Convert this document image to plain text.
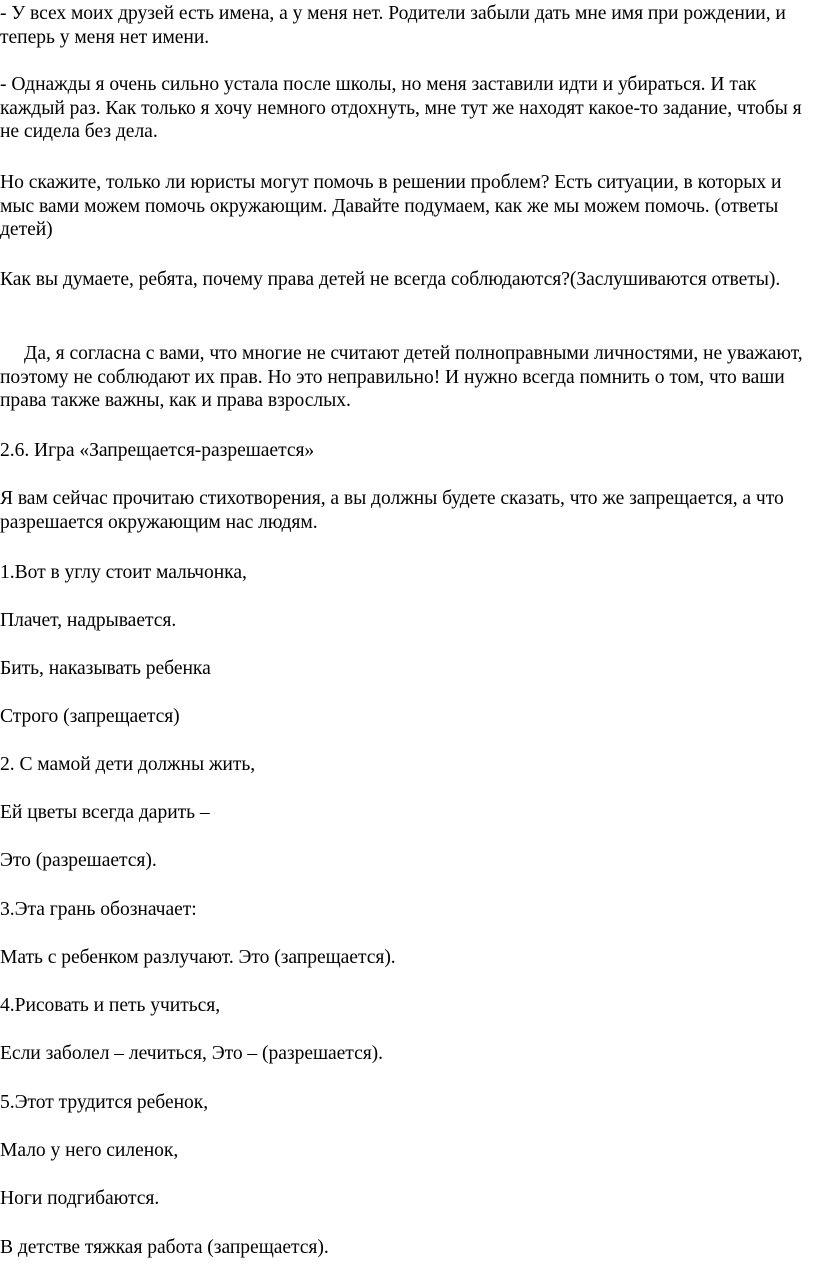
- У всех моих друзей есть имена, а у меня нет. Родители забыли дать мне имя при рождении, и теперь у меня нет имени.

- Однажды я очень сильно устала после школы, но меня заставили идти и убираться. И так каждый раз. Как только я хочу немного отдохнуть, мне тут же находят какое-то задание, чтобы я не сидела без дела.

Но скажите, только ли юристы могут помочь в решении проблем? Есть ситуации, в которых и мыс вами можем помочь окружающим. Давайте подумаем, как же мы можем помочь. (ответы детей)

Как вы думаете, ребята, почему права детей не всегда соблюдаются?(Заслушиваются ответы).

Да, я согласна с вами, что многие не считают детей полноправными личностями, не уважают, поэтому не соблюдают их прав. Но это неправильно! И нужно всегда помнить о том, что ваши права также важны, как и права взрослых.

2.6. Игра «Запрещается-разрешается»

Я вам сейчас прочитаю стихотворения, а вы должны будете сказать, что же запрещается, а что разрешается окружающим нас людям.

1.Вот в углу стоит мальчонка,

Плачет, надрывается.

Бить, наказывать ребенка

Строго (запрещается)

2. С мамой дети должны жить,

Ей цветы всегда дарить –

Это (разрешается).

3.Эта грань обозначает:

Мать с ребенком разлучают. Это (запрещается).

4.Рисовать и петь учиться,

Если заболел – лечиться, Это – (разрешается).

5.Этот трудится ребенок,

Мало у него силенок,

Ноги подгибаются.

В детстве тяжкая работа (запрещается).
